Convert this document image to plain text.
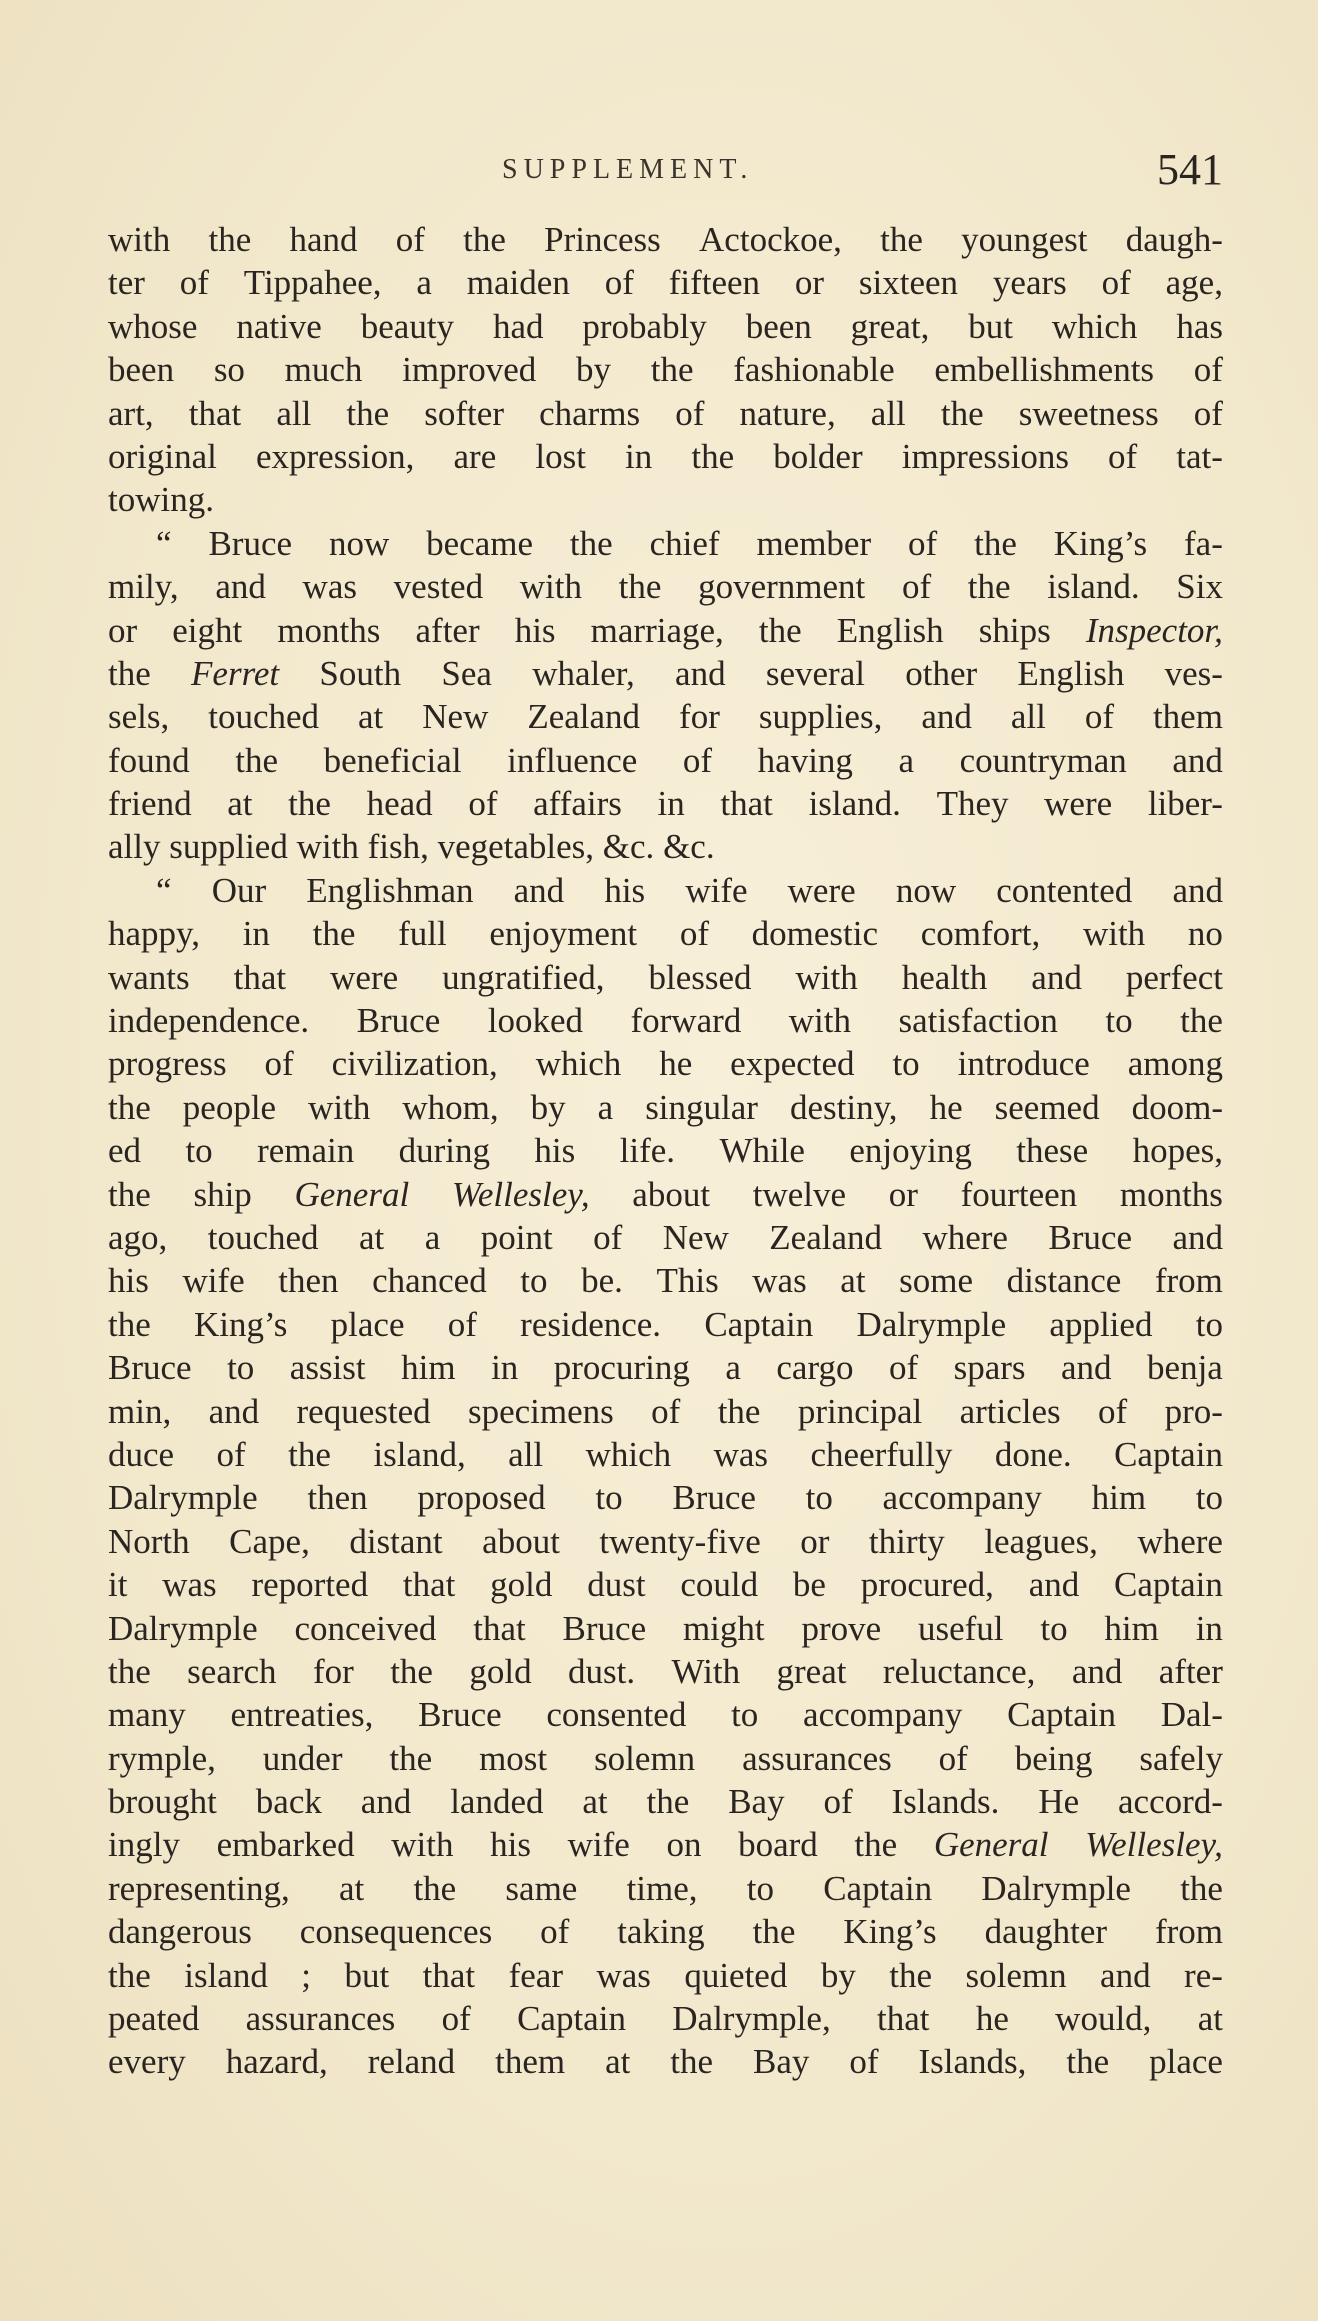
SUPPLEMENT.	541
with the hand of the Princess Actockoe, the youngest daugh-
ter of Tippahee, a maiden of fifteen or sixteen years of age,
whose native beauty had probably been great, but which has
been so much improved by the fashionable embellishments of
art, that all the softer charms of nature, all the sweetness of
original expression, are lost in the bolder impressions of tat-
towing.
“ Bruce now became the chief member of the King’s fa-
mily, and was vested with the government of the island. Six
or eight months after his marriage, the English ships Inspector,
the Ferret South Sea whaler, and several other English ves-
sels, touched at New Zealand for supplies, and all of them
found the beneficial influence of having a countryman and
friend at the head of affairs in that island. They were liber-
ally supplied with fish, vegetables, &c. &c.
“ Our Englishman and his wife were now contented and
happy, in the full enjoyment of domestic comfort, with no
wants that were ungratified, blessed with health and perfect
independence. Bruce looked forward with satisfaction to the
progress of civilization, which he expected to introduce among
the people with whom, by a singular destiny, he seemed doom-
ed to remain during his life. While enjoying these hopes,
the ship General Wellesley, about twelve or fourteen months
ago, touched at a point of New Zealand where Bruce and
his wife then chanced to be. This was at some distance from
the King’s place of residence. Captain Dalrymple applied to
Bruce to assist him in procuring a cargo of spars and benja
min, and requested specimens of the principal articles of pro-
duce of the island, all which was cheerfully done. Captain
Dalrymple then proposed to Bruce to accompany him to
North Cape, distant about twenty-five or thirty leagues, where
it was reported that gold dust could be procured, and Captain
Dalrymple conceived that Bruce might prove useful to him in
the search for the gold dust. With great reluctance, and after
many entreaties, Bruce consented to accompany Captain Dal-
rymple, under the most solemn assurances of being safely
brought back and landed at the Bay of Islands. He accord-
ingly embarked with his wife on board the General Wellesley,
representing, at the same time, to Captain Dalrymple the
dangerous consequences of taking the King’s daughter from
the island ; but that fear was quieted by the solemn and re-
peated assurances of Captain Dalrymple, that he would, at
every hazard, reland them at the Bay of Islands, the place
